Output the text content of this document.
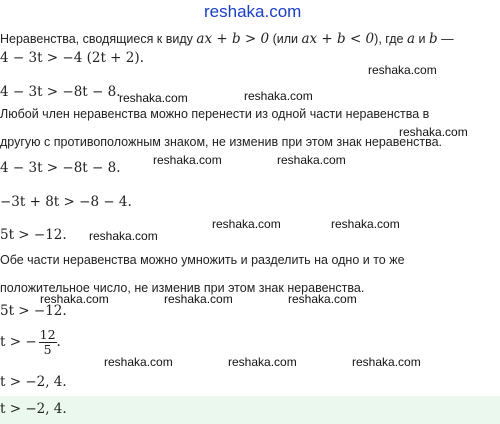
reshaka.com
Неравенства, сводящиеся к виду ax + b > 0 (или ax + b < 0), где a и b —
4 − 3t > −4 (2t + 2).
reshaka.com
4 − 3t > −8t − 8.
reshaka.com	reshaka.com
Любой член неравенства можно перенести из одной части неравенства в
reshaka.com
другую с противоположным знаком, не изменив при этом знак неравенства.
4 − 3t > −8t − 8.	reshaka.com	reshaka.com
−3t + 8t > −8 − 4.
reshaka.com	reshaka.com
5t > −12. reshaka.com
Обе части неравенства можно умножить и разделить на одно и то же
положительное число, не изменив при этом знак неравенства.
reshaka.com	reshaka.com	reshaka.com
5t > −12.
t > − $\frac{12}{5}$ .
reshaka.com	reshaka.com	reshaka.com
t > −2, 4.
t > −2, 4.
